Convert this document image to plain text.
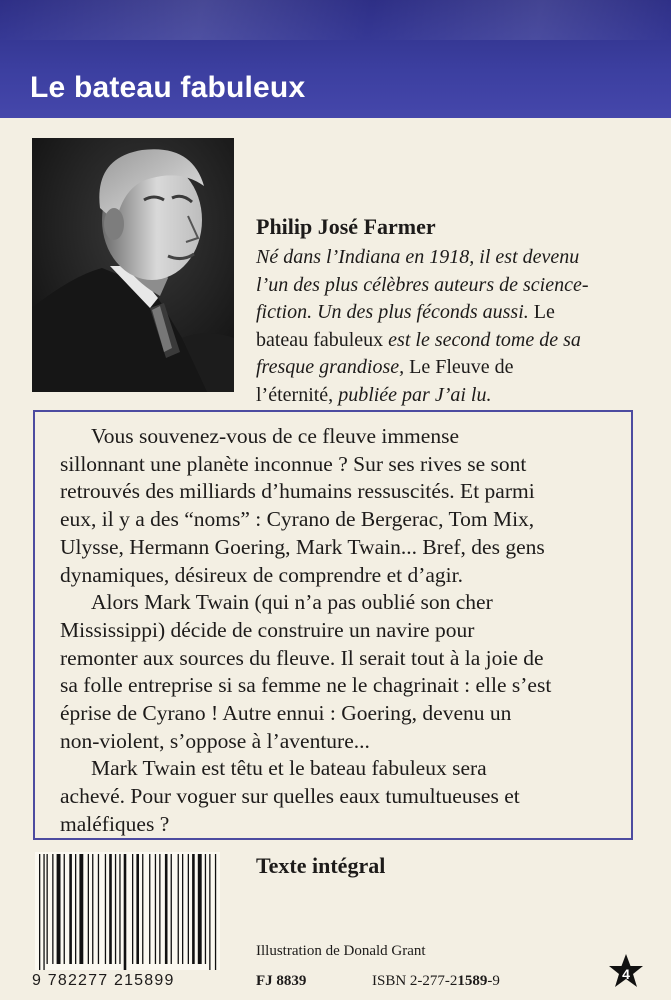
Le bateau fabuleux
Philip José Farmer
Né dans l’Indiana en 1918, il est devenu
l’un des plus célèbres auteurs de science-
fiction. Un des plus féconds aussi. Le
bateau fabuleux est le second tome de sa
fresque grandiose, Le Fleuve de
l’éternité, publiée par J’ai lu.
Vous souvenez-vous de ce fleuve immense
sillonnant une planète inconnue ? Sur ses rives se sont
retrouvés des milliards d’humains ressuscités. Et parmi
eux, il y a des “noms” : Cyrano de Bergerac, Tom Mix,
Ulysse, Hermann Goering, Mark Twain... Bref, des gens
dynamiques, désireux de comprendre et d’agir.
Alors Mark Twain (qui n’a pas oublié son cher
Mississippi) décide de construire un navire pour
remonter aux sources du fleuve. Il serait tout à la joie de
sa folle entreprise si sa femme ne le chagrinait : elle s’est
éprise de Cyrano ! Autre ennui : Goering, devenu un
non-violent, s’oppose à l’aventure...
Mark Twain est têtu et le bateau fabuleux sera
achevé. Pour voguer sur quelles eaux tumultueuses et
maléfiques ?
9 782277 215899
Texte intégral
Illustration de Donald Grant
FJ 8839	ISBN 2-277-21589-9	4
